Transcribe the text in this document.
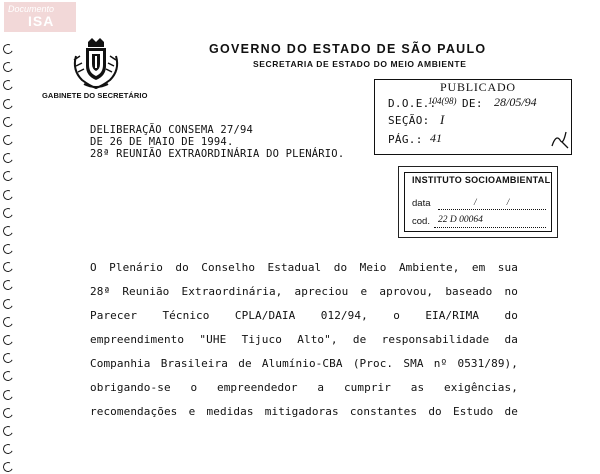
Documento
ISA
GABINETE DO SECRETÁRIO
GOVERNO DO ESTADO DE SÃO PAULO
SECRETARIA DE ESTADO DO MEIO AMBIENTE
PUBLICADO
D.O.E.:
104(98) DE: 28/05/94
SEÇÃO: I
PÁG.: 41
INSTITUTO SOCIOAMBIENTAL
data	/ /
cod. 22 D 00064
DELIBERAÇÃO CONSEMA 27/94
DE 26 DE MAIO DE 1994.
28ª REUNIÃO EXTRAORDINÁRIA DO PLENÁRIO.
O Plenário do Conselho Estadual do Meio Ambiente, em sua
28ª Reunião Extraordinária, apreciou e aprovou, baseado no
Parecer Técnico CPLA/DAIA 012/94, o EIA/RIMA do
empreendimento "UHE Tijuco Alto", de responsabilidade da
Companhia Brasileira de Alumínio-CBA (Proc. SMA nº 0531/89),
obrigando-se o empreendedor a cumprir as exigências,
recomendações e medidas mitigadoras constantes do Estudo de
